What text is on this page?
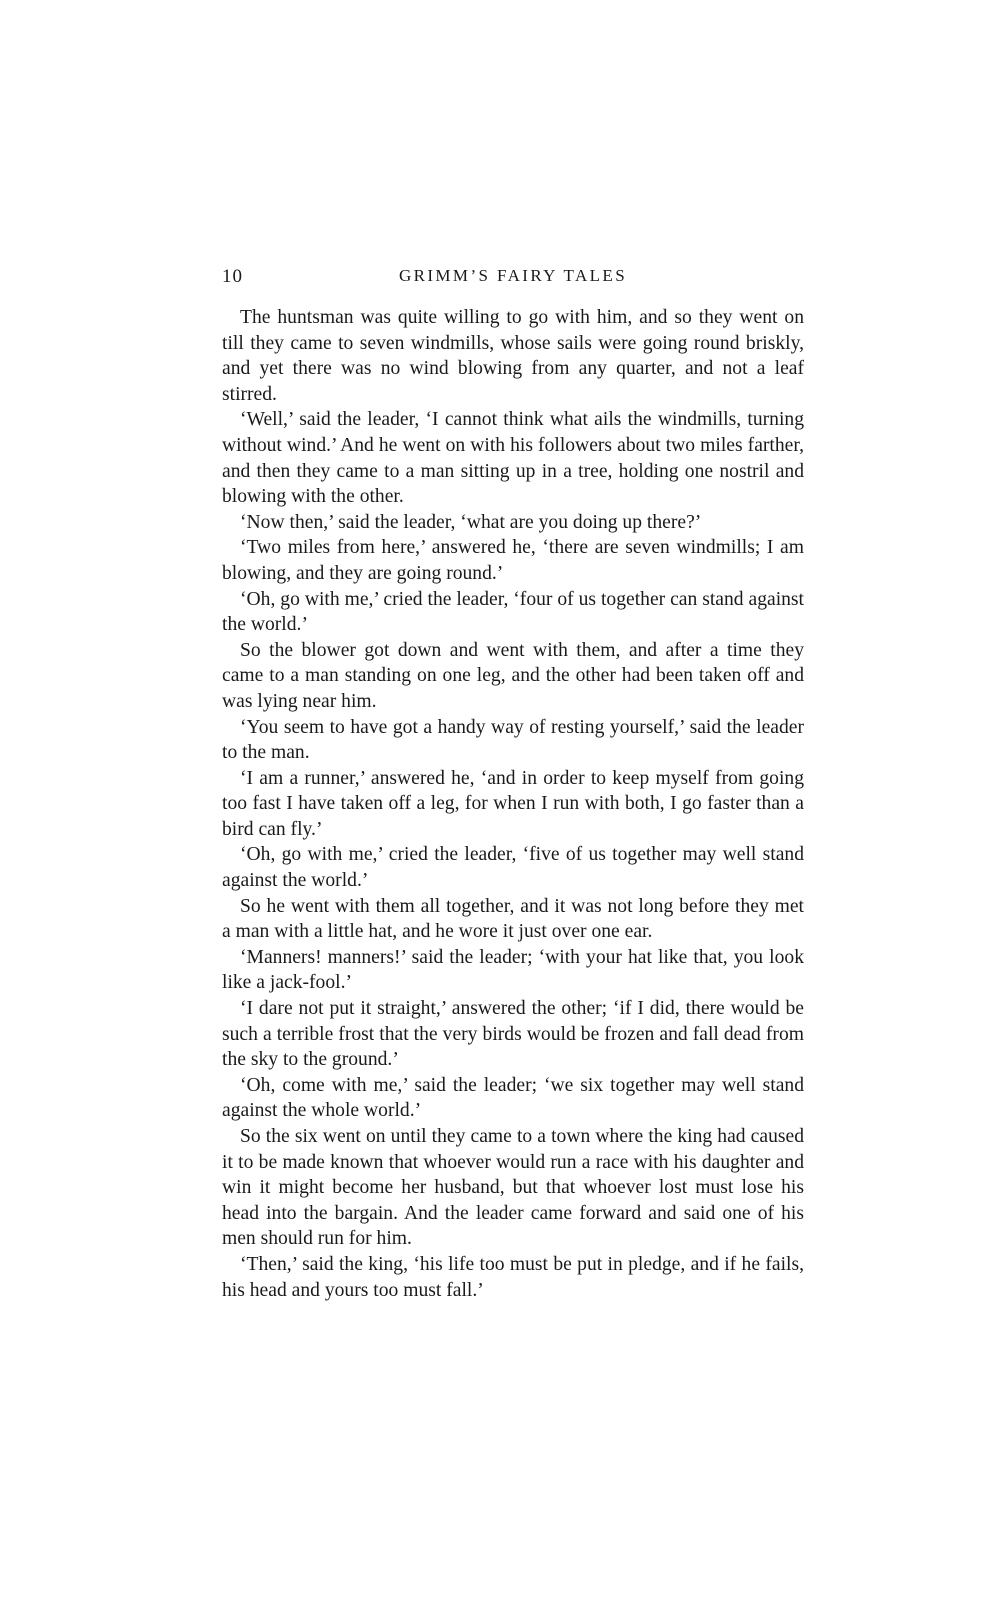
10	GRIMM’S FAIRY TALES

The huntsman was quite willing to go with him, and so they went on till they came to seven windmills, whose sails were going round briskly, and yet there was no wind blowing from any quarter, and not a leaf stirred.

‘Well,’ said the leader, ‘I cannot think what ails the windmills, turning without wind.’ And he went on with his followers about two miles farther, and then they came to a man sitting up in a tree, holding one nostril and blowing with the other.

‘Now then,’ said the leader, ‘what are you doing up there?’

‘Two miles from here,’ answered he, ‘there are seven windmills; I am blowing, and they are going round.’

‘Oh, go with me,’ cried the leader, ‘four of us together can stand against the world.’

So the blower got down and went with them, and after a time they came to a man standing on one leg, and the other had been taken off and was lying near him.

‘You seem to have got a handy way of resting yourself,’ said the leader to the man.

‘I am a runner,’ answered he, ‘and in order to keep myself from going too fast I have taken off a leg, for when I run with both, I go faster than a bird can fly.’

‘Oh, go with me,’ cried the leader, ‘five of us together may well stand against the world.’

So he went with them all together, and it was not long before they met a man with a little hat, and he wore it just over one ear.

‘Manners! manners!’ said the leader; ‘with your hat like that, you look like a jack-fool.’

‘I dare not put it straight,’ answered the other; ‘if I did, there would be such a terrible frost that the very birds would be frozen and fall dead from the sky to the ground.’

‘Oh, come with me,’ said the leader; ‘we six together may well stand against the whole world.’

So the six went on until they came to a town where the king had caused it to be made known that whoever would run a race with his daughter and win it might become her husband, but that whoever lost must lose his head into the bargain. And the leader came forward and said one of his men should run for him.

‘Then,’ said the king, ‘his life too must be put in pledge, and if he fails, his head and yours too must fall.’
